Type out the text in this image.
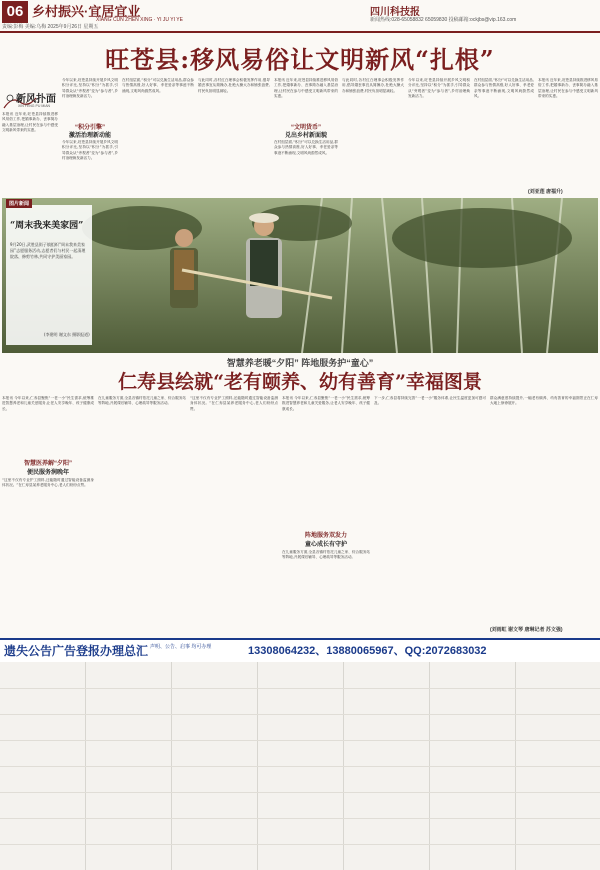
06 乡村振兴·宜居宜业
XIANG CUN ZHEN XING · YI JU YI YE
四川科技报
责编:彭梅 美编:乌梅 2025年9月26日 星期五
新闻热线:028-65058832 65059830 投稿邮箱:ockjbs@vip.163.com
旺苍县:移风易俗让文明新风“扎根”
新风扑面
XIN FENG PU MIAN
本报讯 近年来,旺苍县持续推进移风易俗工作,把婚事新办、丧事简办融入基层治理,让村民在参与中感受文明新风带来的实惠。
今年以来,旺苍县持续开展乡风文明积分评比,坚持以“积分”为抓手,引导群众从“旁观者”变为“参与者”,乡村治理焕发新活力。
“积分引擎”
激活治理新动能
今年以来,旺苍县持续开展乡风文明积分评比,坚持以“积分”为抓手,引导群众从“旁观者”变为“参与者”,乡村治理焕发新活力。
在村组层面,“积分”可以兑换生活用品,群众参与热情高涨,好人好事、孝老爱亲等事迹不断涌现,文明风尚蔚然成风。
与此同时,各村红白理事会积极发挥作用,倡导婚丧事宜从简操办,杜绝大操大办和铺张浪费,村民负担明显减轻。
本报讯 近年来,旺苍县持续推进移风易俗工作,把婚事新办、丧事简办融入基层治理,让村民在参与中感受文明新风带来的实惠。
“文明货币”
兑出乡村新面貌
在村组层面,“积分”可以兑换生活用品,群众参与热情高涨,好人好事、孝老爱亲等事迹不断涌现,文明风尚蔚然成风。
与此同时,各村红白理事会积极发挥作用,倡导婚丧事宜从简操办,杜绝大操大办和铺张浪费,村民负担明显减轻。
今年以来,旺苍县持续开展乡风文明积分评比,坚持以“积分”为抓手,引导群众从“旁观者”变为“参与者”,乡村治理焕发新活力。
在村组层面,“积分”可以兑换生活用品,群众参与热情高涨,好人好事、孝老爱亲等事迹不断涌现,文明风尚蔚然成风。
本报讯 近年来,旺苍县持续推进移风易俗工作,把婚事新办、丧事简办融入基层治理,让村民在参与中感受文明新风带来的实惠。
图片新闻
“周末我来美家园”
9月20日,武胜县街子镇组织“周末我来美家园”志愿服务活动,志愿者们与村民一起清理院落、修剪竹林,共同守护美丽家园。
(李建明 谢文东 摄影报道)
智慧养老暖“夕阳” 阵地服务护“童心”
仁寿县绘就“老有颐养、幼有善育”幸福图景
本报讯 今年以来,仁寿县聚焦“一老一小”民生需求,统筹推进智慧养老和儿童关爱服务,让老人安享晚年、孩子健康成长。
智慧医养解“夕阳”
便民服务润晚年
“这里不仅有专业护工照料,还能随时通过智能设备监测身体状况。”在仁寿县某养老服务中心,老人们纷纷点赞。
在儿童服务方面,全县各镇村依托儿童之家、综合服务站等阵地,开展课后辅导、心理疏导等服务活动。
“这里不仅有专业护工照料,还能随时通过智能设备监测身体状况。”在仁寿县某养老服务中心,老人们纷纷点赞。
本报讯 今年以来,仁寿县聚焦“一老一小”民生需求,统筹推进智慧养老和儿童关爱服务,让老人安享晚年、孩子健康成长。
阵地服务双发力
童心成长有守护
在儿童服务方面,全县各镇村依托儿童之家、综合服务站等阵地,开展课后辅导、心理疏导等服务活动。
下一步,仁寿县将持续完善“一老一小”服务体系,让民生温度更加可感可及。
群众满意度持续提升,一幅老有颐养、幼有善育的幸福图景正在仁寿大地上徐徐展开。
(刘雨虹 谢文琴 唐琳记者 苏文强)
(刘亚莲 唐福升)
遗失公告广告登报办理总汇 声明、公告、启事 均可办理	13308064232、13880065967、QQ:2072683032
